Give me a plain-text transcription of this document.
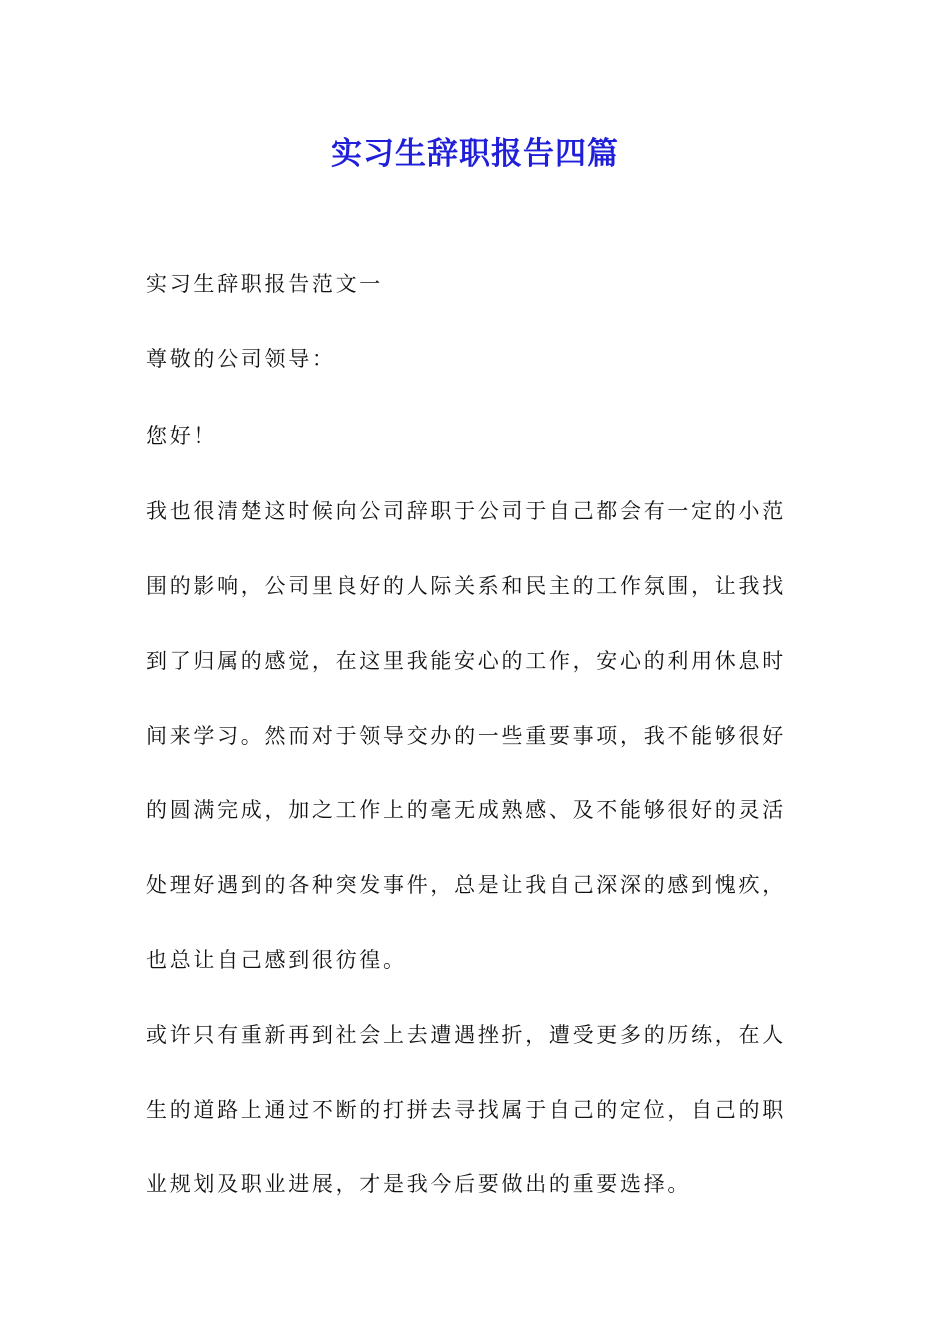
实习生辞职报告四篇

实习生辞职报告范文一

尊敬的公司领导：

您好！

我也很清楚这时候向公司辞职于公司于自己都会有一定的小范

围的影响，公司里良好的人际关系和民主的工作氛围，让我找

到了归属的感觉，在这里我能安心的工作，安心的利用休息时

间来学习。然而对于领导交办的一些重要事项，我不能够很好

的圆满完成，加之工作上的毫无成熟感、及不能够很好的灵活

处理好遇到的各种突发事件，总是让我自己深深的感到愧疚，

也总让自己感到很彷徨。

或许只有重新再到社会上去遭遇挫折，遭受更多的历练，在人

生的道路上通过不断的打拼去寻找属于自己的定位，自己的职

业规划及职业进展，才是我今后要做出的重要选择。
